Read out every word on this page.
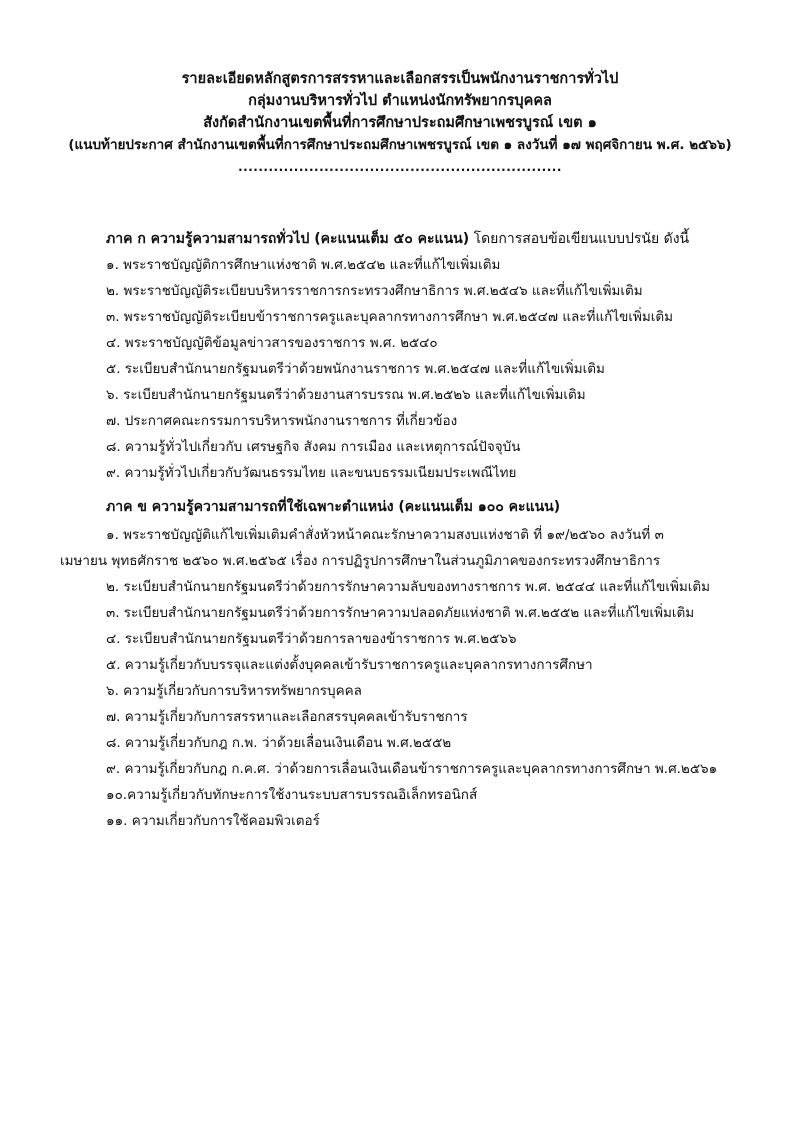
รายละเอียดหลักสูตรการสรรหาและเลือกสรรเป็นพนักงานราชการทั่วไป
กลุ่มงานบริหารทั่วไป ตำแหน่งนักทรัพยากรบุคคล
สังกัดสำนักงานเขตพื้นที่การศึกษาประถมศึกษาเพชรบูรณ์ เขต ๑
(แนบท้ายประกาศ สำนักงานเขตพื้นที่การศึกษาประถมศึกษาเพชรบูรณ์ เขต ๑ ลงวันที่ ๑๗ พฤศจิกายน พ.ศ. ๒๕๖๖)
................................................................
ภาค ก ความรู้ความสามารถทั่วไป (คะแนนเต็ม ๕๐ คะแนน) โดยการสอบข้อเขียนแบบปรนัย ดังนี้
๑. พระราชบัญญัติการศึกษาแห่งชาติ พ.ศ.๒๕๔๒ และที่แก้ไขเพิ่มเติม
๒. พระราชบัญญัติระเบียบบริหารราชการกระทรวงศึกษาธิการ พ.ศ.๒๕๔๖ และที่แก้ไขเพิ่มเติม
๓. พระราชบัญญัติระเบียบข้าราชการครูและบุคลากรทางการศึกษา พ.ศ.๒๕๔๗ และที่แก้ไขเพิ่มเติม
๔. พระราชบัญญัติข้อมูลข่าวสารของราชการ พ.ศ. ๒๕๔๐
๕. ระเบียบสำนักนายกรัฐมนตรีว่าด้วยพนักงานราชการ พ.ศ.๒๕๔๗ และที่แก้ไขเพิ่มเติม
๖. ระเบียบสำนักนายกรัฐมนตรีว่าด้วยงานสารบรรณ พ.ศ.๒๕๒๖ และที่แก้ไขเพิ่มเติม
๗. ประกาศคณะกรรมการบริหารพนักงานราชการ ที่เกี่ยวข้อง
๘. ความรู้ทั่วไปเกี่ยวกับ เศรษฐกิจ สังคม การเมือง และเหตุการณ์ปัจจุบัน
๙. ความรู้ทั่วไปเกี่ยวกับวัฒนธรรมไทย และขนบธรรมเนียมประเพณีไทย
ภาค ข ความรู้ความสามารถที่ใช้เฉพาะตำแหน่ง (คะแนนเต็ม ๑๐๐ คะแนน)
๑. พระราชบัญญัติแก้ไขเพิ่มเติมคำสั่งหัวหน้าคณะรักษาความสงบแห่งชาติ ที่ ๑๙/๒๕๖๐ ลงวันที่ ๓
เมษายน พุทธศักราช ๒๕๖๐ พ.ศ.๒๕๖๕ เรื่อง การปฏิรูปการศึกษาในส่วนภูมิภาคของกระทรวงศึกษาธิการ
๒. ระเบียบสำนักนายกรัฐมนตรีว่าด้วยการรักษาความลับของทางราชการ พ.ศ. ๒๕๔๔ และที่แก้ไขเพิ่มเติม
๓. ระเบียบสำนักนายกรัฐมนตรีว่าด้วยการรักษาความปลอดภัยแห่งชาติ พ.ศ.๒๕๕๒ และที่แก้ไขเพิ่มเติม
๔. ระเบียบสำนักนายกรัฐมนตรีว่าด้วยการลาของข้าราชการ พ.ศ.๒๕๖๖
๕. ความรู้เกี่ยวกับบรรจุและแต่งตั้งบุคคลเข้ารับราชการครูและบุคลากรทางการศึกษา
๖. ความรู้เกี่ยวกับการบริหารทรัพยากรบุคคล
๗. ความรู้เกี่ยวกับการสรรหาและเลือกสรรบุคคลเข้ารับราชการ
๘. ความรู้เกี่ยวกับกฎ ก.พ. ว่าด้วยเลื่อนเงินเดือน พ.ศ.๒๕๕๒
๙. ความรู้เกี่ยวกับกฎ ก.ค.ศ. ว่าด้วยการเลื่อนเงินเดือนข้าราชการครูและบุคลากรทางการศึกษา พ.ศ.๒๕๖๑
๑๐.ความรู้เกี่ยวกับทักษะการใช้งานระบบสารบรรณอิเล็กทรอนิกส์
๑๑. ความเกี่ยวกับการใช้คอมพิวเตอร์
